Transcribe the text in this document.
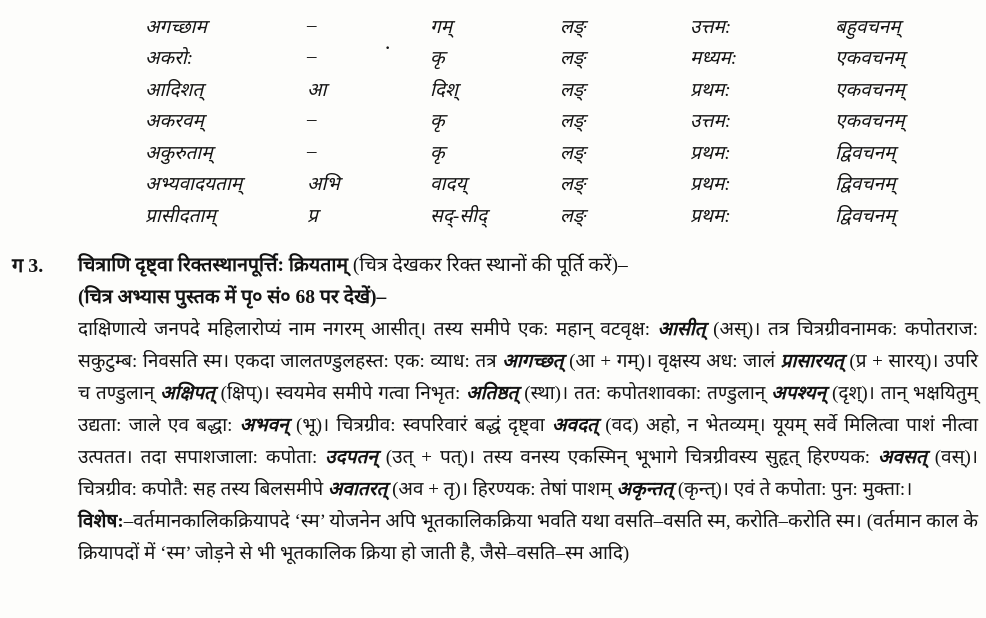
अगच्छाम	–	गम्	लङ्	उत्तम:	बहुवचनम्
अकरो:	–	कृ	लङ्	मध्यम:	एकवचनम्
आदिशत्	आ	दिश्	लङ्	प्रथम:	एकवचनम्
अकरवम्	–	कृ	लङ्	उत्तम:	एकवचनम्
अकुरुताम्	–	कृ	लङ्	प्रथम:	द्विवचनम्
अभ्यवादयताम्	अभि	वादय्	लङ्	प्रथम:	द्विवचनम्
प्रासीदताम्	प्र	सद्-सीद्	लङ्	प्रथम:	द्विवचनम्
·
ग 3.	चित्राणि दृष्ट्वा रिक्तस्थानपूर्त्ति: क्रियताम् (चित्र देखकर रिक्त स्थानों की पूर्ति करें)–
(चित्र अभ्यास पुस्तक में पृ० सं० 68 पर देखें)–
दाक्षिणात्ये जनपदे महिलारोप्यं नाम नगरम् आसीत्। तस्य समीपे एक: महान् वटवृक्ष: आसीत् (अस्)। तत्र चित्रग्रीवनामक: कपोतराज: सकुटुम्ब: निवसति स्म। एकदा जालतण्डुलहस्त: एक: व्याध: तत्र आगच्छत् (आ + गम्)। वृक्षस्य अध: जालं प्रासारयत् (प्र + सारय्)। उपरि च तण्डुलान् अक्षिपत् (क्षिप्)। स्वयमेव समीपे गत्वा निभृत: अतिष्ठत् (स्था)। तत: कपोतशावका: तण्डुलान् अपश्यन् (दृश्)। तान् भक्षयितुम् उद्यता: जाले एव बद्धा: अभवन् (भू)। चित्रग्रीव: स्वपरिवारं बद्धं दृष्ट्वा अवदत् (वद) अहो, न भेतव्यम्। यूयम् सर्वे मिलित्वा पाशं नीत्वा उत्पतत। तदा सपाशजाला: कपोता: उदपतन् (उत् + पत्)। तस्य वनस्य एकस्मिन् भूभागे चित्रग्रीवस्य सुहृत् हिरण्यक: अवसत् (वस्)। चित्रग्रीव: कपोतै: सह तस्य बिलसमीपे अवातरत् (अव + तृ)। हिरण्यक: तेषां पाशम् अकृन्तत् (कृन्त्)। एवं ते कपोता: पुन: मुक्ता:।
विशेष:–वर्तमानकालिकक्रियापदे ‘स्म’ योजनेन अपि भूतकालिकक्रिया भवति यथा वसति–वसति स्म, करोति–करोति स्म। (वर्तमान काल के क्रियापदों में ‘स्म’ जोड़ने से भी भूतकालिक क्रिया हो जाती है, जैसे–वसति–स्म आदि)
